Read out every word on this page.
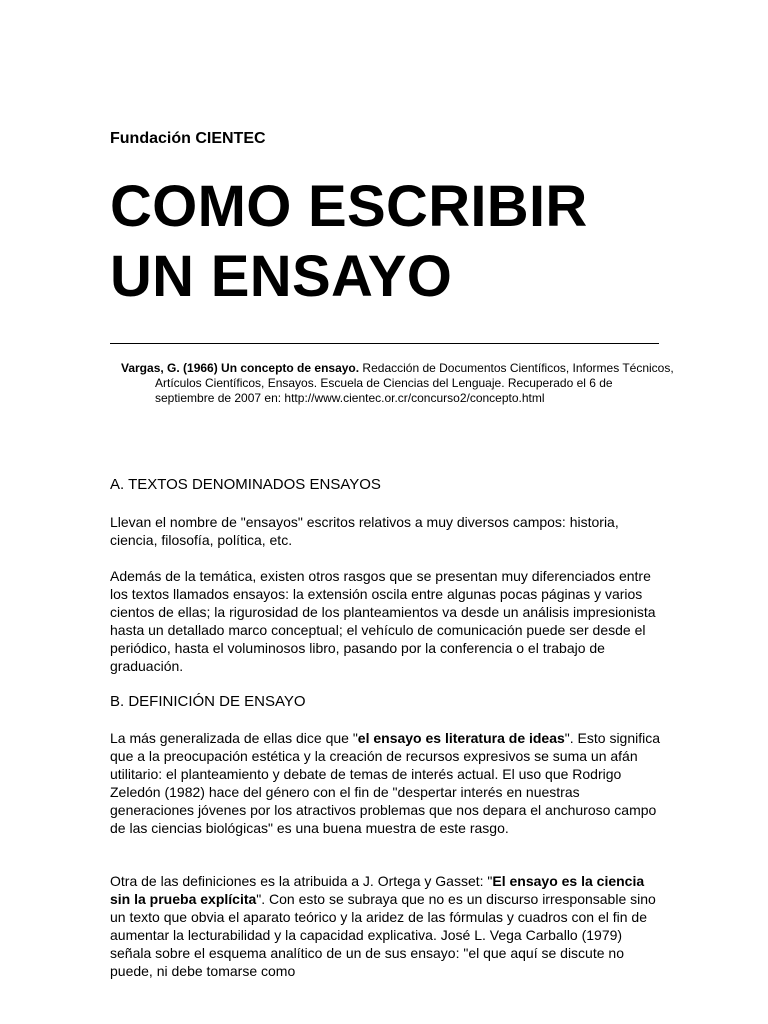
Fundación CIENTEC
COMO ESCRIBIR
UN ENSAYO
Vargas, G. (1966) Un concepto de ensayo. Redacción de Documentos Científicos, Informes Técnicos, Artículos Científicos, Ensayos. Escuela de Ciencias del Lenguaje. Recuperado el 6 de septiembre de 2007 en: http://www.cientec.or.cr/concurso2/concepto.html
A. TEXTOS DENOMINADOS ENSAYOS

Llevan el nombre de "ensayos" escritos relativos a muy diversos campos: historia, ciencia, filosofía, política, etc.

Además de la temática, existen otros rasgos que se presentan muy diferenciados entre los textos llamados ensayos: la extensión oscila entre algunas pocas páginas y varios cientos de ellas; la rigurosidad de los planteamientos va desde un análisis impresionista hasta un detallado marco conceptual; el vehículo de comunicación puede ser desde el periódico, hasta el voluminosos libro, pasando por la conferencia o el trabajo de graduación.

B. DEFINICIÓN DE ENSAYO

La más generalizada de ellas dice que "el ensayo es literatura de ideas". Esto significa que a la preocupación estética y la creación de recursos expresivos se suma un afán utilitario: el planteamiento y debate de temas de interés actual. El uso que Rodrigo Zeledón (1982) hace del género con el fin de "despertar interés en nuestras generaciones jóvenes por los atractivos problemas que nos depara el anchuroso campo de las ciencias biológicas" es una buena muestra de este rasgo.

Otra de las definiciones es la atribuida a J. Ortega y Gasset: "El ensayo es la ciencia sin la prueba explícita". Con esto se subraya que no es un discurso irresponsable sino un texto que obvia el aparato teórico y la aridez de las fórmulas y cuadros con el fin de aumentar la lecturabilidad y la capacidad explicativa. José L. Vega Carballo (1979) señala sobre el esquema analítico de un de sus ensayo: "el que aquí se discute no puede, ni debe tomarse como
